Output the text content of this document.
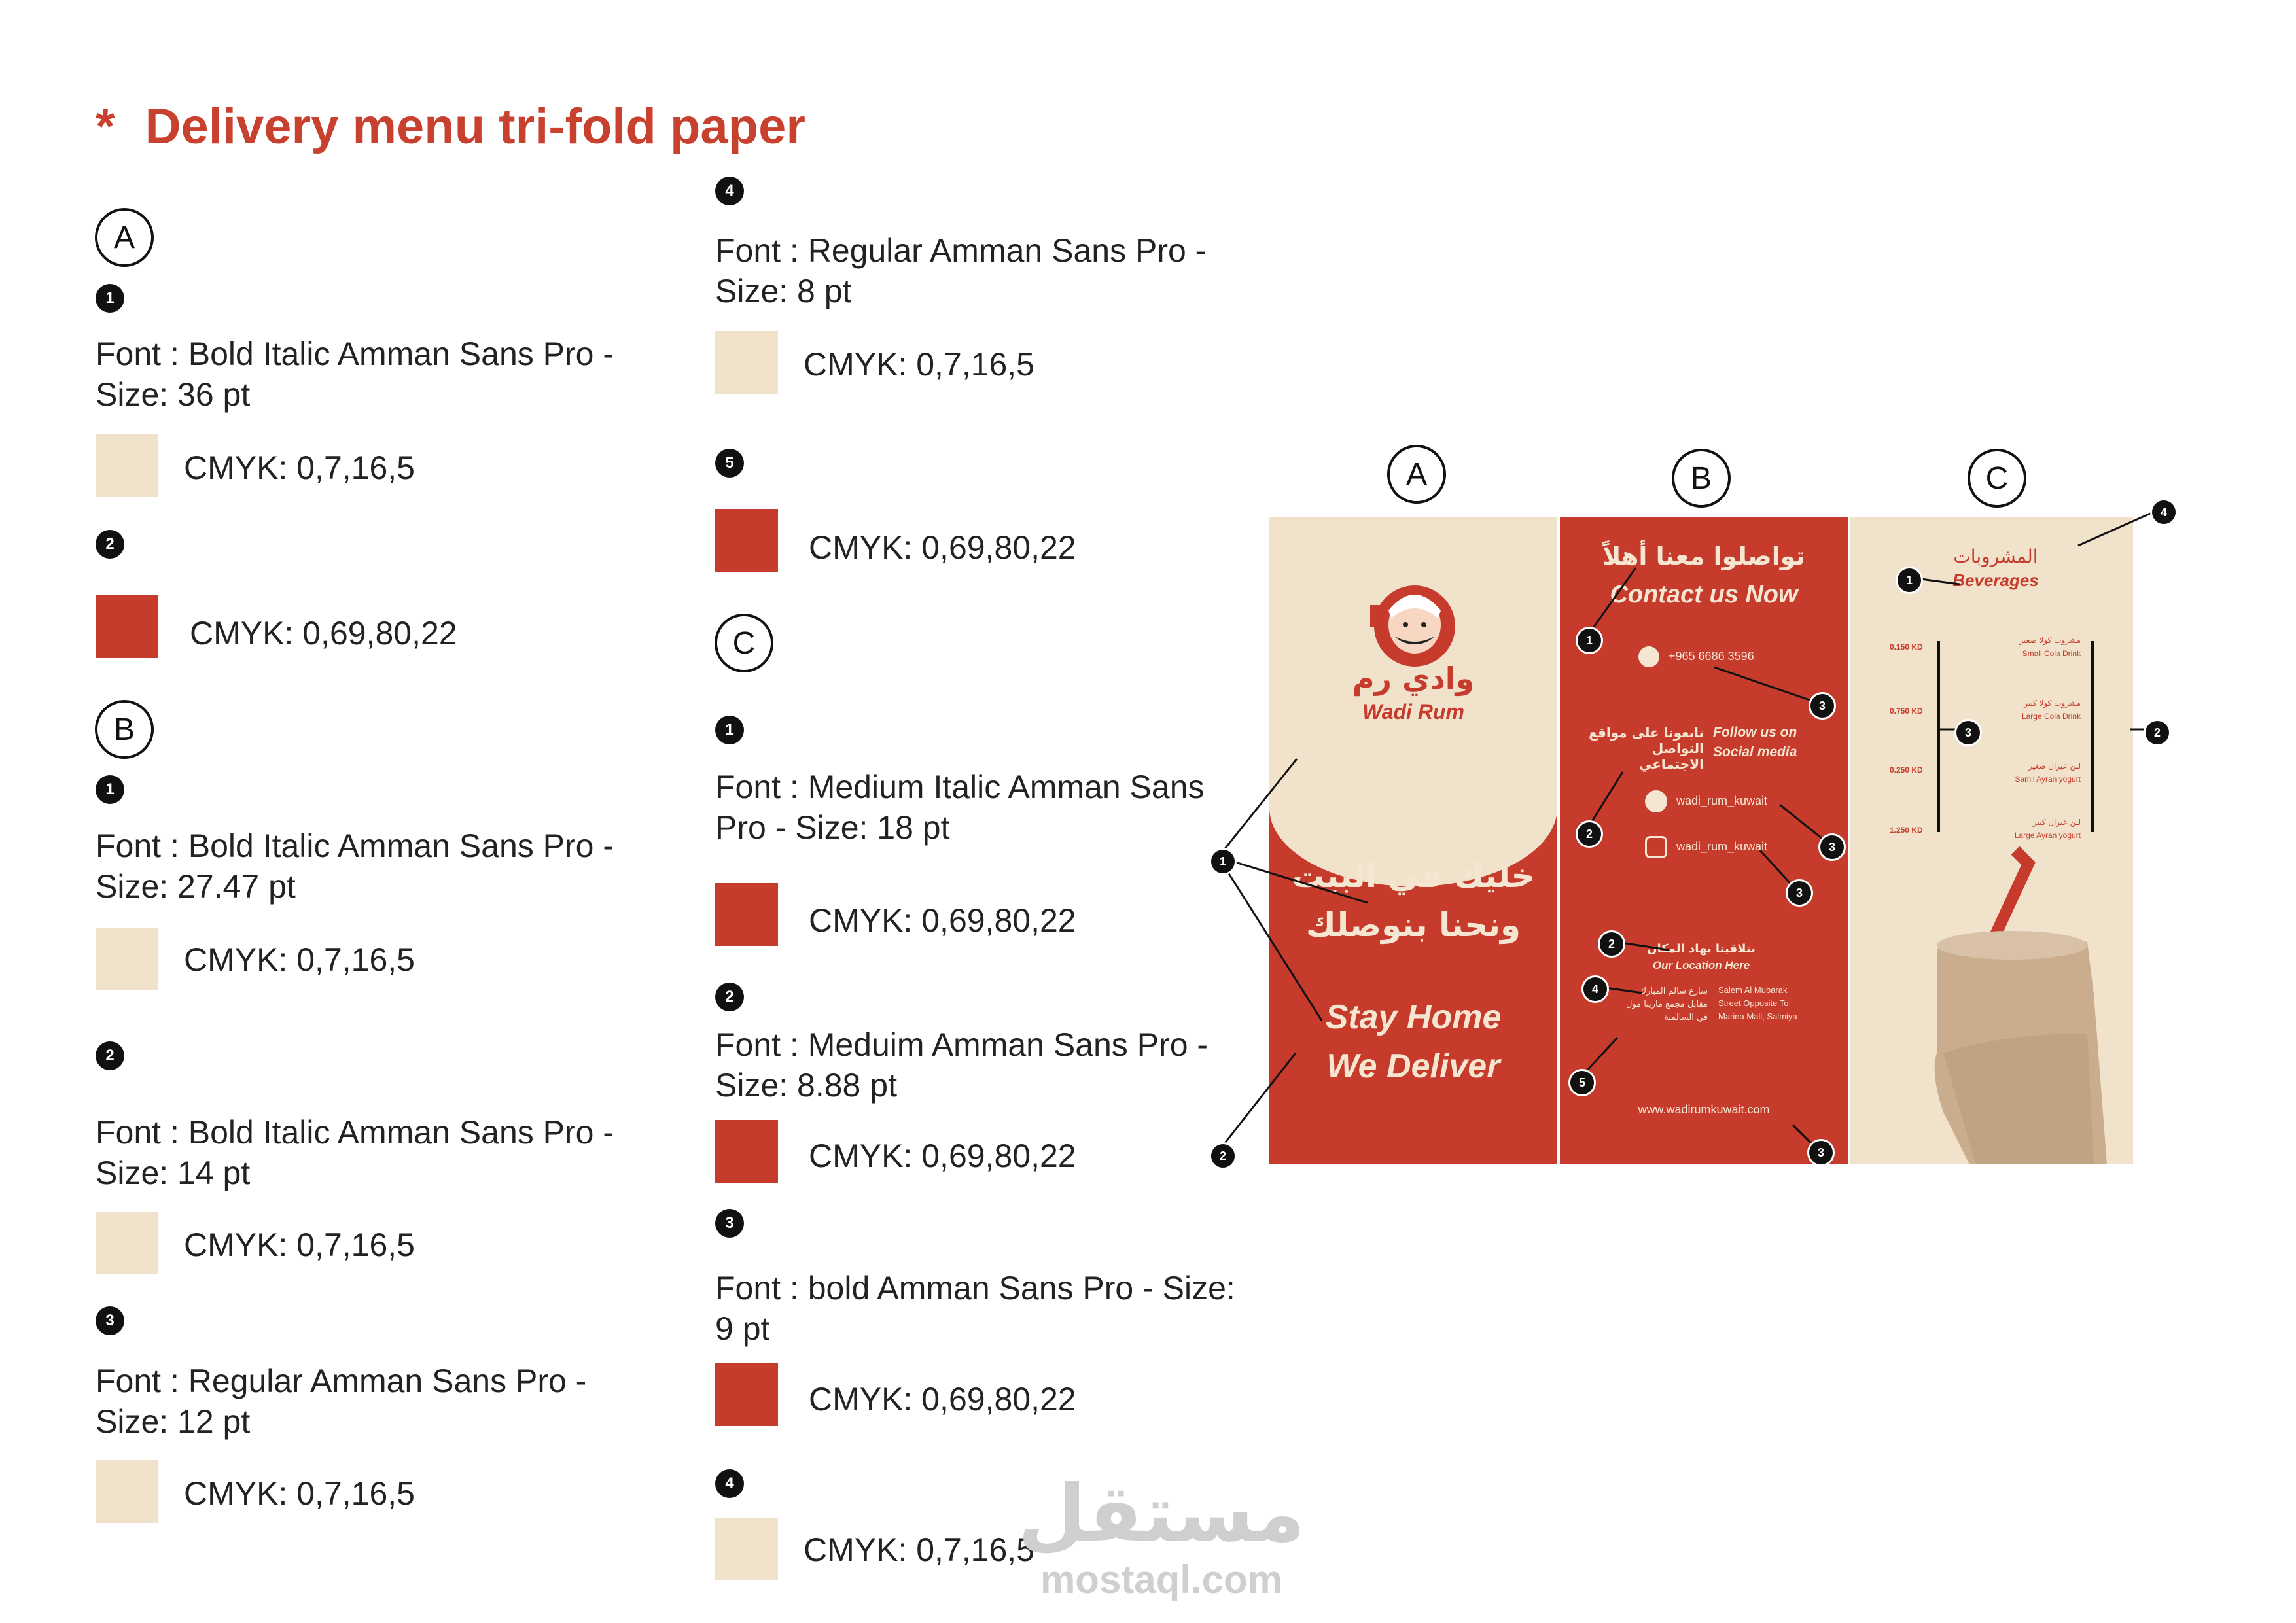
* Delivery menu tri-fold paper
A
1
Font : Bold Italic Amman Sans Pro - Size: 36 pt
CMYK: 0,7,16,5
2
CMYK: 0,69,80,22
B
1
Font : Bold Italic Amman Sans Pro - Size: 27.47 pt
CMYK: 0,7,16,5
2
Font : Bold Italic Amman Sans Pro - Size: 14 pt
CMYK: 0,7,16,5
3
Font : Regular Amman Sans Pro - Size: 12 pt
CMYK: 0,7,16,5
4
Font : Regular Amman Sans Pro - Size: 8 pt
CMYK: 0,7,16,5
5
CMYK: 0,69,80,22
C
1
Font : Medium Italic Amman Sans Pro - Size: 18 pt
CMYK: 0,69,80,22
2
Font : Meduim Amman Sans Pro - Size: 8.88 pt
CMYK: 0,69,80,22
3
Font : bold Amman Sans Pro - Size: 9 pt
CMYK: 0,69,80,22
4
CMYK: 0,7,16,5
A	B	C
وادي رم
Wadi Rum
خليك في البيت
ونحنا بنوصلك
Stay Home
We Deliver
تواصلوا معنا أهلاً
Contact us Now
+965 6686 3596
تابعونا على مواقع التواصل الاجتماعي
Follow us on
Social media
wadi_rum_kuwait
wadi_rum_kuwait
بتلاقينا بهاد المكان
Our Location Here
شارع سالم المبارك مقابل مجمع مارينا مول في السالمية
Salem Al Mubarak
Street Opposite To
Marina Mall, Salmiya
www.wadirumkuwait.com
المشروبات
Beverages
0.150 KD
0.750 KD
0.250 KD
1.250 KD
مشروب كولا صغير
Small Cola Drink
مشروب كولا كبير
Large Cola Drink
لبن عيران صغير
Samll Ayran yogurt
لبن عيران كبير
Large Ayran yogurt
1
2
1
3
2
3
3
2
4
5
3
1
4
3	2
مستقل
mostaql.com
